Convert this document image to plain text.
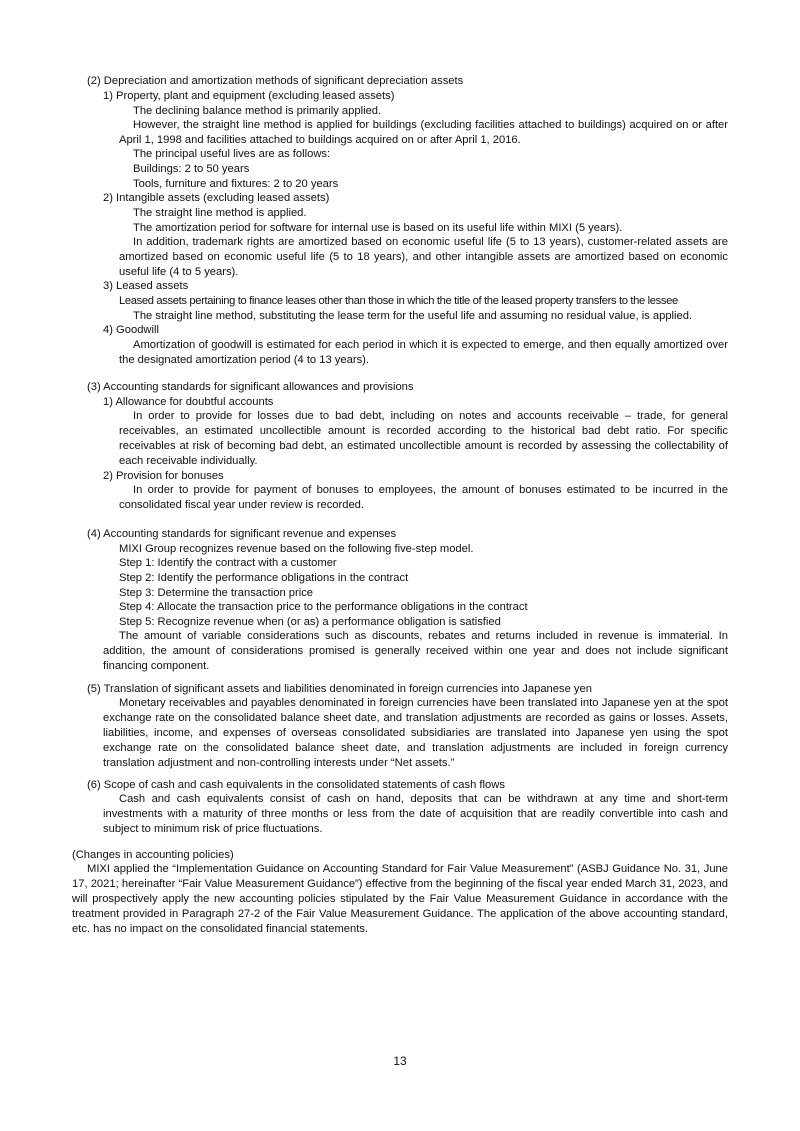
(2) Depreciation and amortization methods of significant depreciation assets

1) Property, plant and equipment (excluding leased assets)

The declining balance method is primarily applied.

However, the straight line method is applied for buildings (excluding facilities attached to buildings) acquired on or after April 1, 1998 and facilities attached to buildings acquired on or after April 1, 2016.

The principal useful lives are as follows:

Buildings: 2 to 50 years

Tools, furniture and fixtures: 2 to 20 years

2) Intangible assets (excluding leased assets)

The straight line method is applied.

The amortization period for software for internal use is based on its useful life within MIXI (5 years).

In addition, trademark rights are amortized based on economic useful life (5 to 13 years), customer-related assets are amortized based on economic useful life (5 to 18 years), and other intangible assets are amortized based on economic useful life (4 to 5 years).

3) Leased assets

Leased assets pertaining to finance leases other than those in which the title of the leased property transfers to the lessee

The straight line method, substituting the lease term for the useful life and assuming no residual value, is applied.

4) Goodwill

Amortization of goodwill is estimated for each period in which it is expected to emerge, and then equally amortized over the designated amortization period (4 to 13 years).

(3) Accounting standards for significant allowances and provisions

1) Allowance for doubtful accounts

In order to provide for losses due to bad debt, including on notes and accounts receivable – trade, for general receivables, an estimated uncollectible amount is recorded according to the historical bad debt ratio. For specific receivables at risk of becoming bad debt, an estimated uncollectible amount is recorded by assessing the collectability of each receivable individually.

2) Provision for bonuses

In order to provide for payment of bonuses to employees, the amount of bonuses estimated to be incurred in the consolidated fiscal year under review is recorded.

(4) Accounting standards for significant revenue and expenses

MIXI Group recognizes revenue based on the following five-step model.

Step 1: Identify the contract with a customer

Step 2: Identify the performance obligations in the contract

Step 3: Determine the transaction price

Step 4: Allocate the transaction price to the performance obligations in the contract

Step 5: Recognize revenue when (or as) a performance obligation is satisfied

The amount of variable considerations such as discounts, rebates and returns included in revenue is immaterial. In addition, the amount of considerations promised is generally received within one year and does not include significant financing component.

(5) Translation of significant assets and liabilities denominated in foreign currencies into Japanese yen

Monetary receivables and payables denominated in foreign currencies have been translated into Japanese yen at the spot exchange rate on the consolidated balance sheet date, and translation adjustments are recorded as gains or losses. Assets, liabilities, income, and expenses of overseas consolidated subsidiaries are translated into Japanese yen using the spot exchange rate on the consolidated balance sheet date, and translation adjustments are included in foreign currency translation adjustment and non-controlling interests under “Net assets.”

(6) Scope of cash and cash equivalents in the consolidated statements of cash flows

Cash and cash equivalents consist of cash on hand, deposits that can be withdrawn at any time and short-term investments with a maturity of three months or less from the date of acquisition that are readily convertible into cash and subject to minimum risk of price fluctuations.

(Changes in accounting policies)

MIXI applied the “Implementation Guidance on Accounting Standard for Fair Value Measurement” (ASBJ Guidance No. 31, June 17, 2021; hereinafter “Fair Value Measurement Guidance”) effective from the beginning of the fiscal year ended March 31, 2023, and will prospectively apply the new accounting policies stipulated by the Fair Value Measurement Guidance in accordance with the treatment provided in Paragraph 27-2 of the Fair Value Measurement Guidance. The application of the above accounting standard, etc. has no impact on the consolidated financial statements.

13
